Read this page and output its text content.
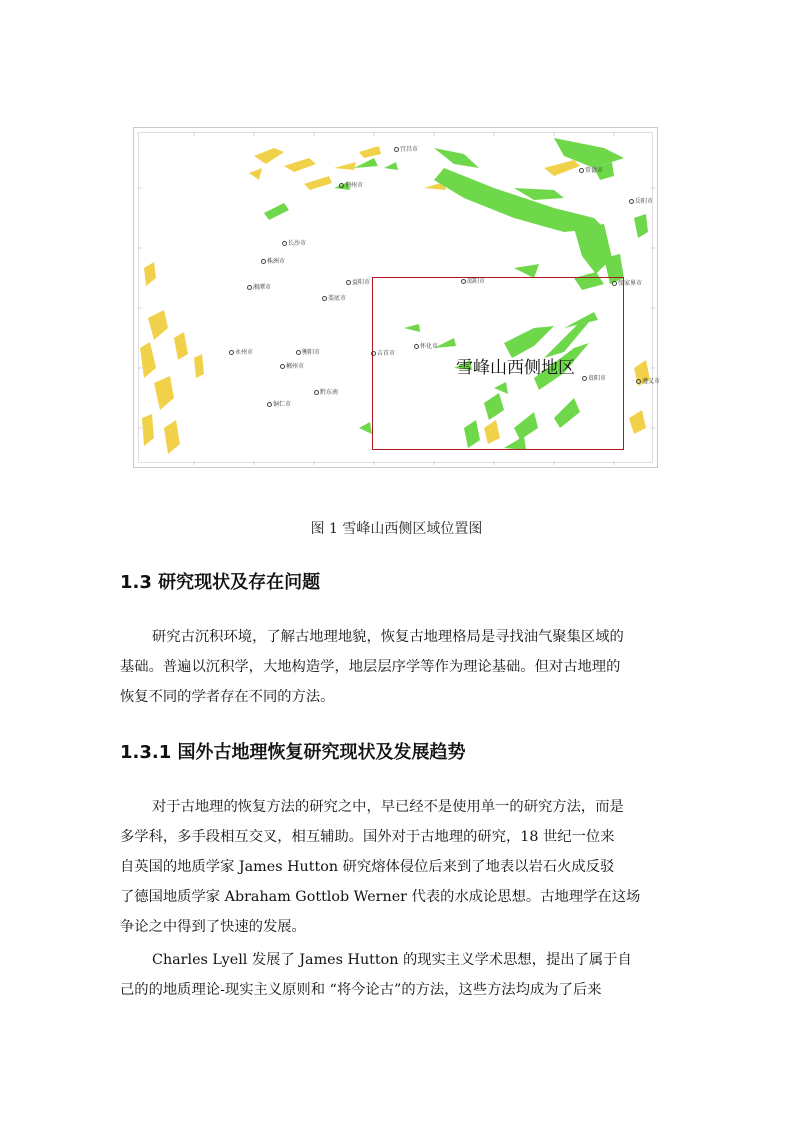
雪峰山西侧地区
宜昌市
荆州市
常德市
岳阳市
长沙市
株洲市
湘潭市
益阳市
娄底市
邵阳市
怀化市
吉首市
张家界市
永州市	衡阳市
郴州市
黔东南
铜仁市
贵阳市	遵义市
图 1 雪峰山西侧区域位置图
1.3 研究现状及存在问题
研究古沉积环境，了解古地理地貌，恢复古地理格局是寻找油气聚集区域的
基础。普遍以沉积学，大地构造学，地层层序学等作为理论基础。但对古地理的
恢复不同的学者存在不同的方法。
1.3.1 国外古地理恢复研究现状及发展趋势
对于古地理的恢复方法的研究之中，早已经不是使用单一的研究方法，而是
多学科，多手段相互交叉，相互辅助。国外对于古地理的研究，18 世纪一位来
自英国的地质学家 James Hutton 研究熔体侵位后来到了地表以岩石火成反驳
了德国地质学家 Abraham Gottlob Werner 代表的水成论思想。古地理学在这场
争论之中得到了快速的发展。
Charles Lyell 发展了 James Hutton 的现实主义学术思想，提出了属于自
己的的地质理论-现实主义原则和 “将今论古”的方法，这些方法均成为了后来
